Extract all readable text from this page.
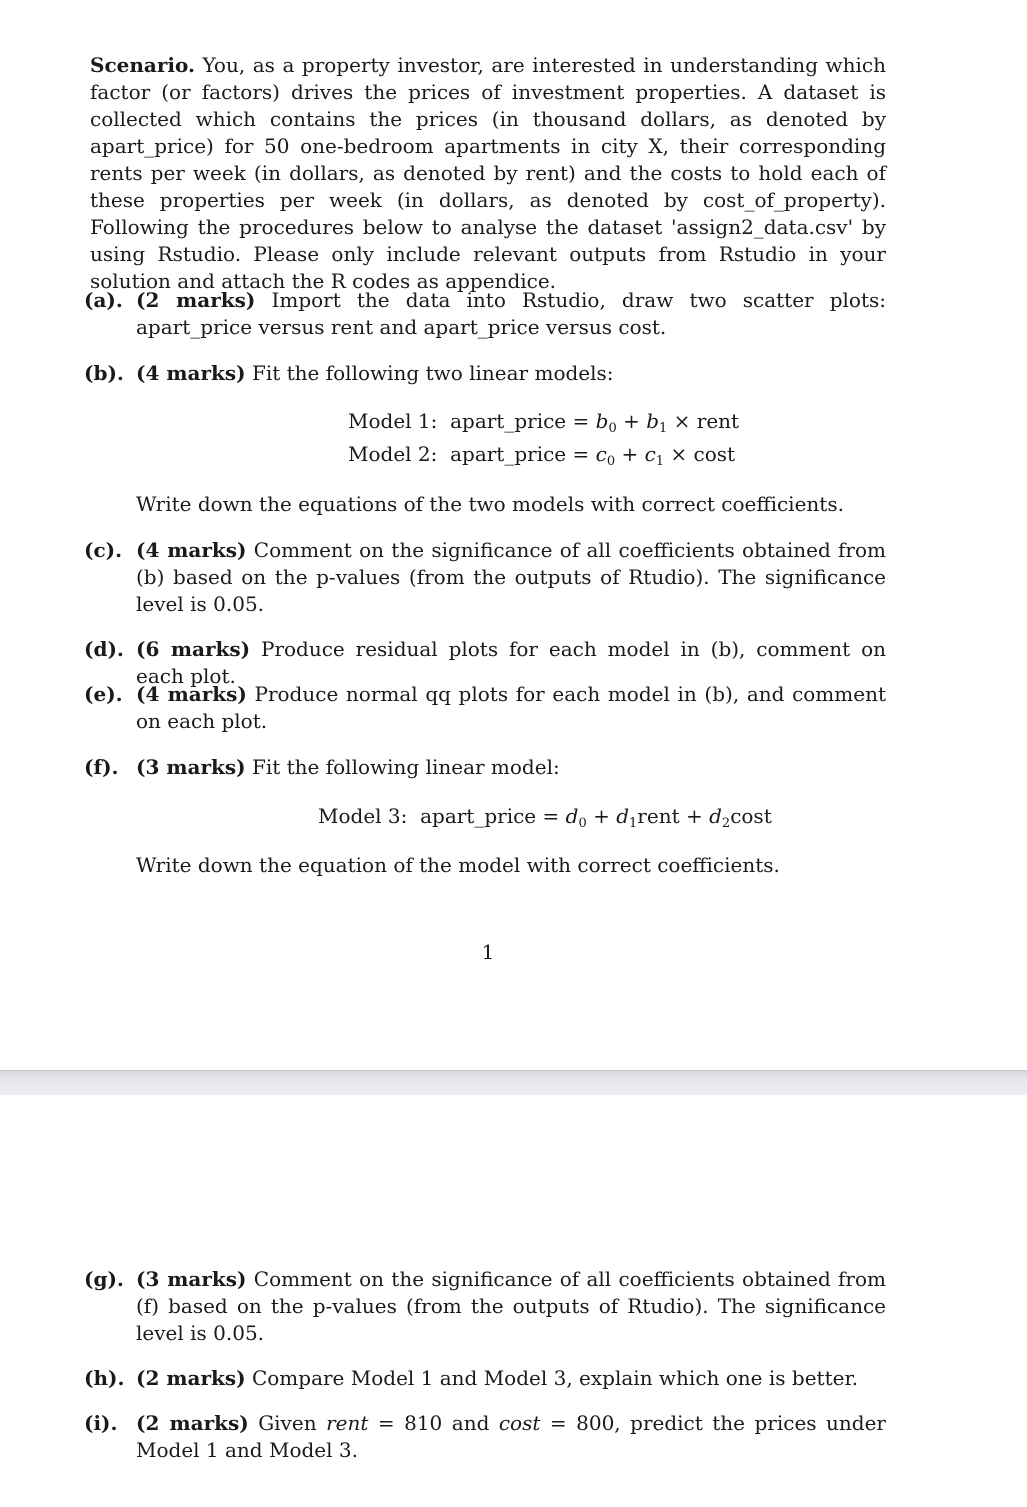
Scenario. You, as a property investor, are interested in understanding which factor (or factors) drives the prices of investment properties. A dataset is collected which contains the prices (in thousand dollars, as denoted by apart_price) for 50 one-bedroom apartments in city X, their corresponding rents per week (in dollars, as denoted by rent) and the costs to hold each of these properties per week (in dollars, as denoted by cost_of_property). Following the procedures below to analyse the dataset 'assign2_data.csv' by using Rstudio. Please only include relevant outputs from Rstudio in your solution and attach the R codes as appendice.
(a). (2 marks) Import the data into Rstudio, draw two scatter plots: apart_price versus rent and apart_price versus cost.
(b). (4 marks) Fit the following two linear models:
Model 1: apart_price = $b_0 + b_1$ × rent
Model 2: apart_price = $c_0 + c_1 \times \cos t$
Write down the equations of the two models with correct coefficients.
(c). (4 marks) Comment on the significance of all coefficients obtained from (b) based on the p-values (from the outputs of Rtudio). The significance level is 0.05.
(d). (6 marks) Produce residual plots for each model in (b), comment on each plot.
(e). (4 marks) Produce normal qq plots for each model in (b), and comment on each plot.
(f). (3 marks) Fit the following linear model:
Model 3: apart_price = $d_0$ + $d_1rent + d_2\cos t$
Write down the equation of the model with correct coefficients.
1
(g). (3 marks) Comment on the significance of all coefficients obtained from (f) based on the p-values (from the outputs of Rtudio). The significance level is 0.05.
(h). (2 marks) Compare Model 1 and Model 3, explain which one is better.
(i). (2 marks) Given rent = 810 and cost = 800, predict the prices under Model 1 and Model 3.
